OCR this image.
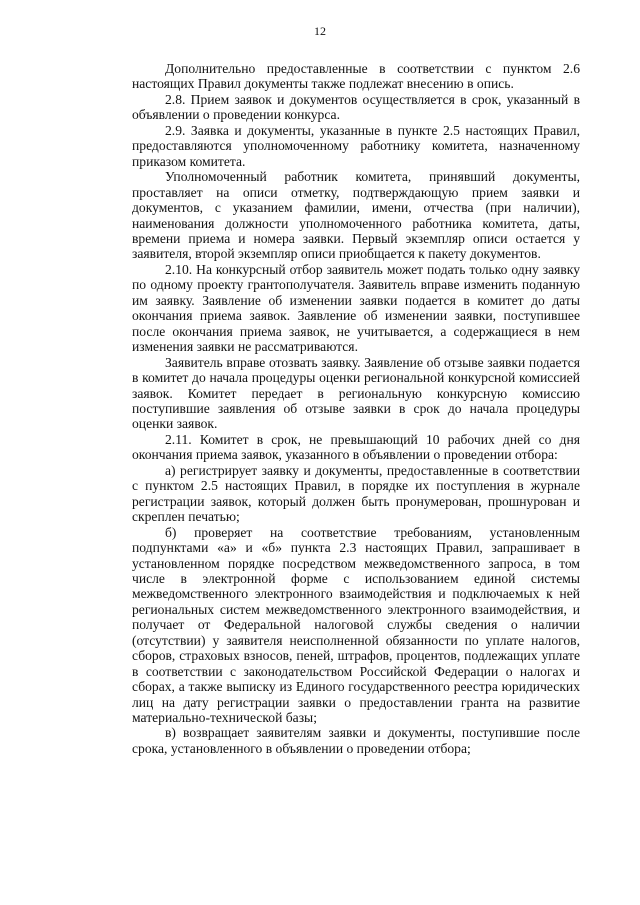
12

Дополнительно предоставленные в соответствии с пунктом 2.6 настоящих Правил документы также подлежат внесению в опись.

2.8. Прием заявок и документов осуществляется в срок, указанный в объявлении о проведении конкурса.

2.9. Заявка и документы, указанные в пункте 2.5 настоящих Правил, предоставляются уполномоченному работнику комитета, назначенному приказом комитета.

Уполномоченный работник комитета, принявший документы, проставляет на описи отметку, подтверждающую прием заявки и документов, с указанием фамилии, имени, отчества (при наличии), наименования должности уполномоченного работника комитета, даты, времени приема и номера заявки. Первый экземпляр описи остается у заявителя, второй экземпляр описи приобщается к пакету документов.

2.10. На конкурсный отбор заявитель может подать только одну заявку по одному проекту грантополучателя. Заявитель вправе изменить поданную им заявку. Заявление об изменении заявки подается в комитет до даты окончания приема заявок. Заявление об изменении заявки, поступившее после окончания приема заявок, не учитывается, а содержащиеся в нем изменения заявки не рассматриваются.

Заявитель вправе отозвать заявку. Заявление об отзыве заявки подается в комитет до начала процедуры оценки региональной конкурсной комиссией заявок. Комитет передает в региональную конкурсную комиссию поступившие заявления об отзыве заявки в срок до начала процедуры оценки заявок.

2.11. Комитет в срок, не превышающий 10 рабочих дней со дня окончания приема заявок, указанного в объявлении о проведении отбора:

а) регистрирует заявку и документы, предоставленные в соответствии с пунктом 2.5 настоящих Правил, в порядке их поступления в журнале регистрации заявок, который должен быть пронумерован, прошнурован и скреплен печатью;

б) проверяет на соответствие требованиям, установленным подпунктами «а» и «б» пункта 2.3 настоящих Правил, запрашивает в установленном порядке посредством межведомственного запроса, в том числе в электронной форме с использованием единой системы межведомственного электронного взаимодействия и подключаемых к ней региональных систем межведомственного электронного взаимодействия, и получает от Федеральной налоговой службы сведения о наличии (отсутствии) у заявителя неисполненной обязанности по уплате налогов, сборов, страховых взносов, пеней, штрафов, процентов, подлежащих уплате в соответствии с законодательством Российской Федерации о налогах и сборах, а также выписку из Единого государственного реестра юридических лиц на дату регистрации заявки о предоставлении гранта на развитие материально-технической базы;

в) возвращает заявителям заявки и документы, поступившие после срока, установленного в объявлении о проведении отбора;
